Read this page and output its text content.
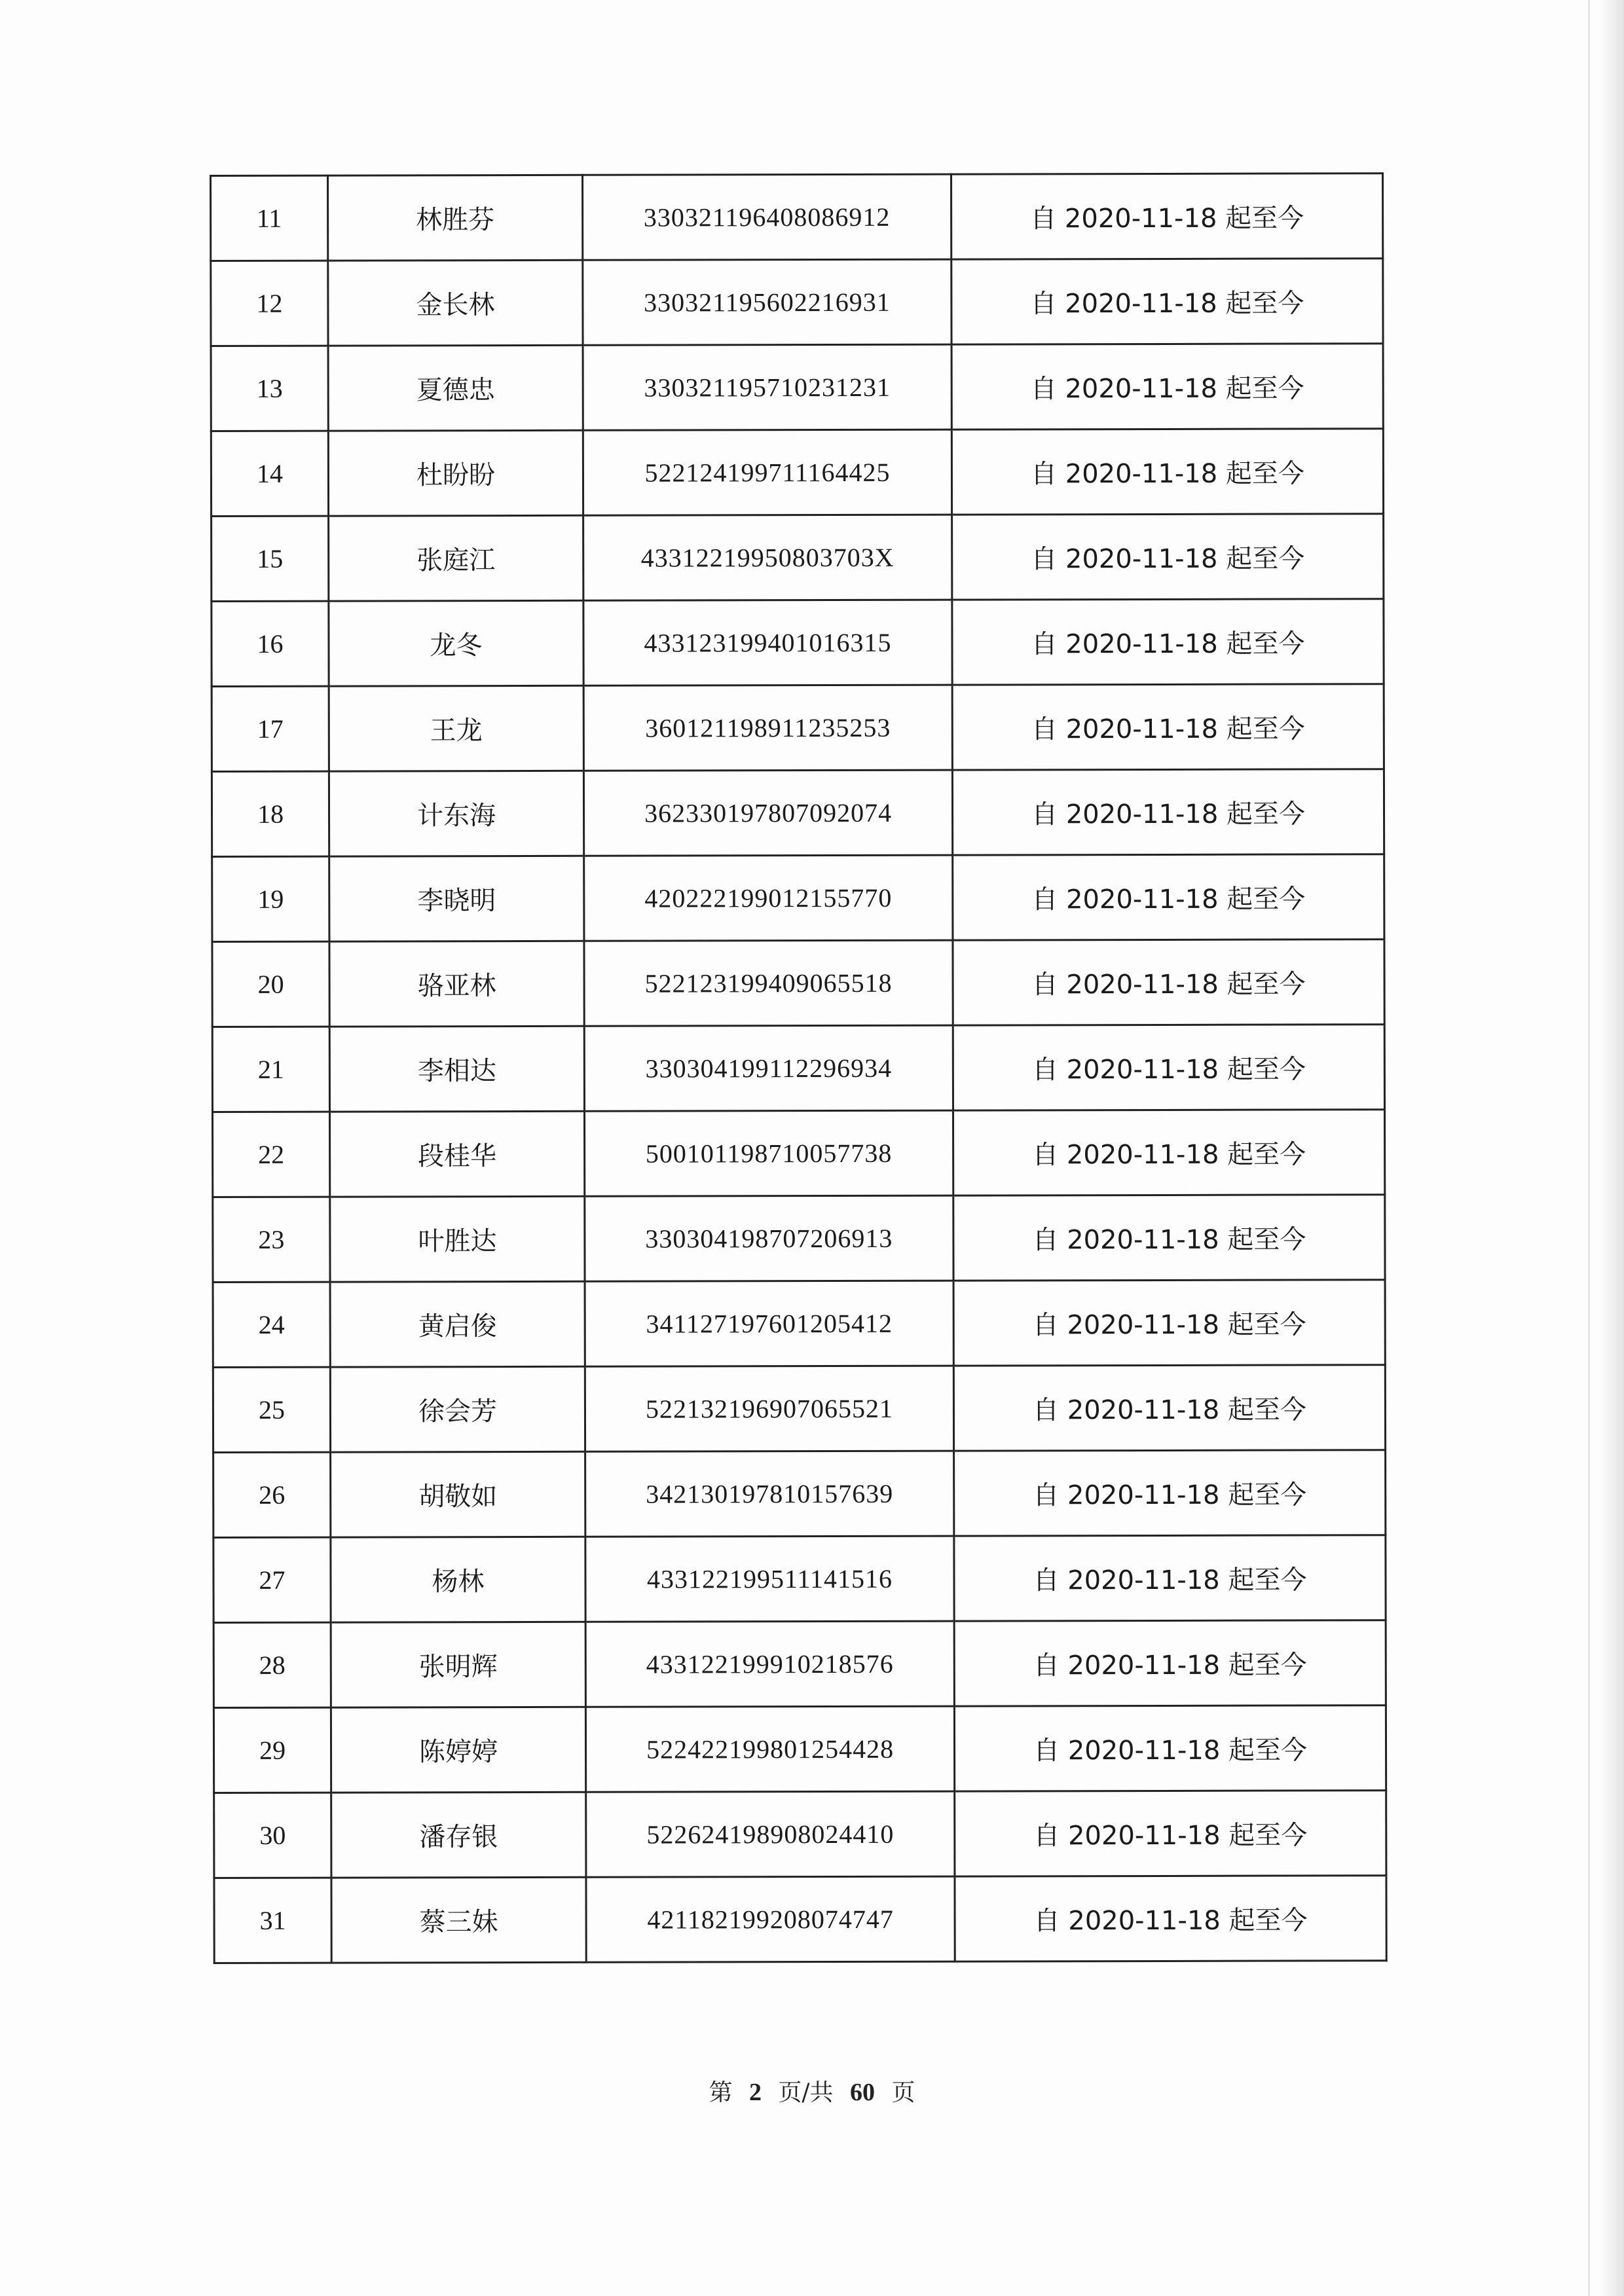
11	林胜芬	330321196408086912	自 2020-11-18 起至今
12	金长林	330321195602216931	自 2020-11-18 起至今
13	夏德忠	330321195710231231	自 2020-11-18 起至今
14	杜盼盼	522124199711164425	自 2020-11-18 起至今
15	张庭江	43312219950803703X	自 2020-11-18 起至今
16	龙冬	433123199401016315	自 2020-11-18 起至今
17	王龙	360121198911235253	自 2020-11-18 起至今
18	计东海	362330197807092074	自 2020-11-18 起至今
19	李晓明	420222199012155770	自 2020-11-18 起至今
20	骆亚林	522123199409065518	自 2020-11-18 起至今
21	李相达	330304199112296934	自 2020-11-18 起至今
22	段桂华	500101198710057738	自 2020-11-18 起至今
23	叶胜达	330304198707206913	自 2020-11-18 起至今
24	黄启俊	341127197601205412	自 2020-11-18 起至今
25	徐会芳	522132196907065521	自 2020-11-18 起至今
26	胡敬如	342130197810157639	自 2020-11-18 起至今
27	杨林	433122199511141516	自 2020-11-18 起至今
28	张明辉	433122199910218576	自 2020-11-18 起至今
29	陈婷婷	522422199801254428	自 2020-11-18 起至今
30	潘存银	522624198908024410	自 2020-11-18 起至今
31	蔡三妹	421182199208074747	自 2020-11-18 起至今
第 2 页/共 60 页
